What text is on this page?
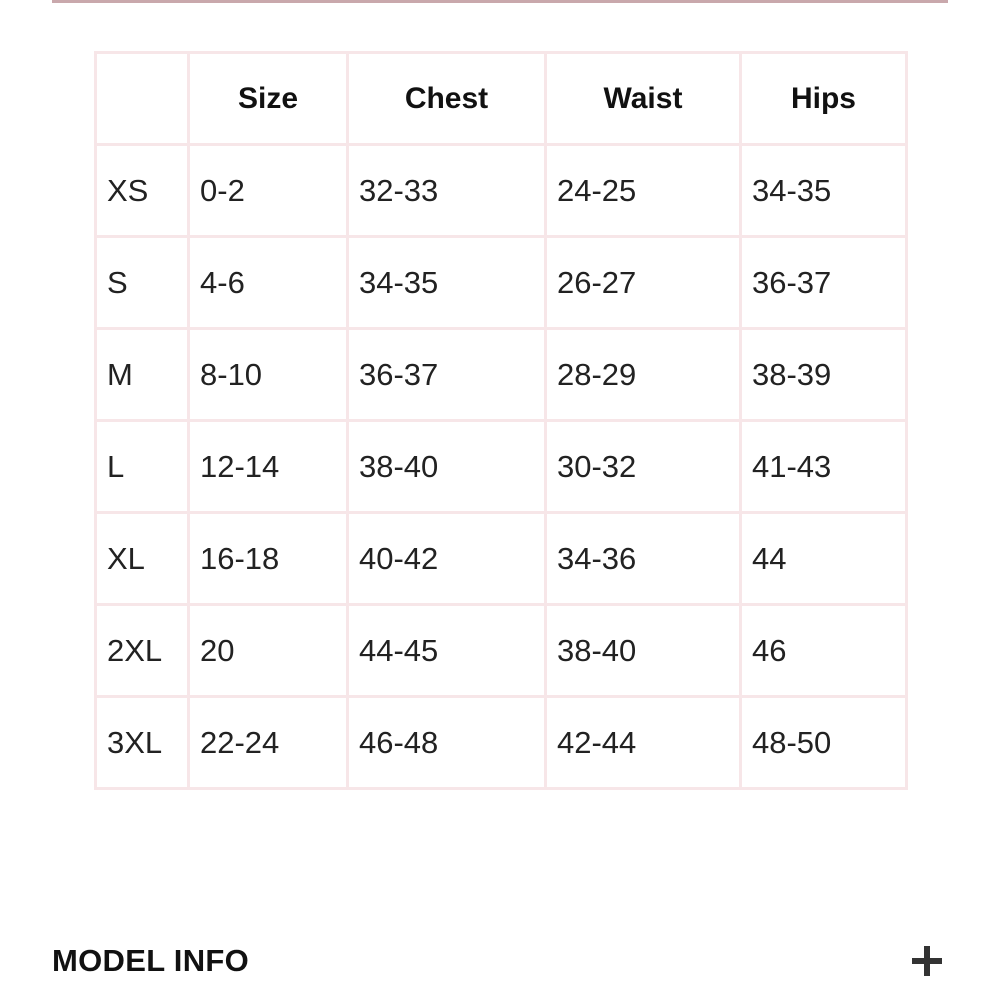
	Size	Chest	Waist	Hips
XS	0-2	32-33	24-25	34-35
S	4-6	34-35	26-27	36-37
M	8-10	36-37	28-29	38-39
L	12-14	38-40	30-32	41-43
XL	16-18	40-42	34-36	44
2XL	20	44-45	38-40	46
3XL	22-24	46-48	42-44	48-50
MODEL INFO
